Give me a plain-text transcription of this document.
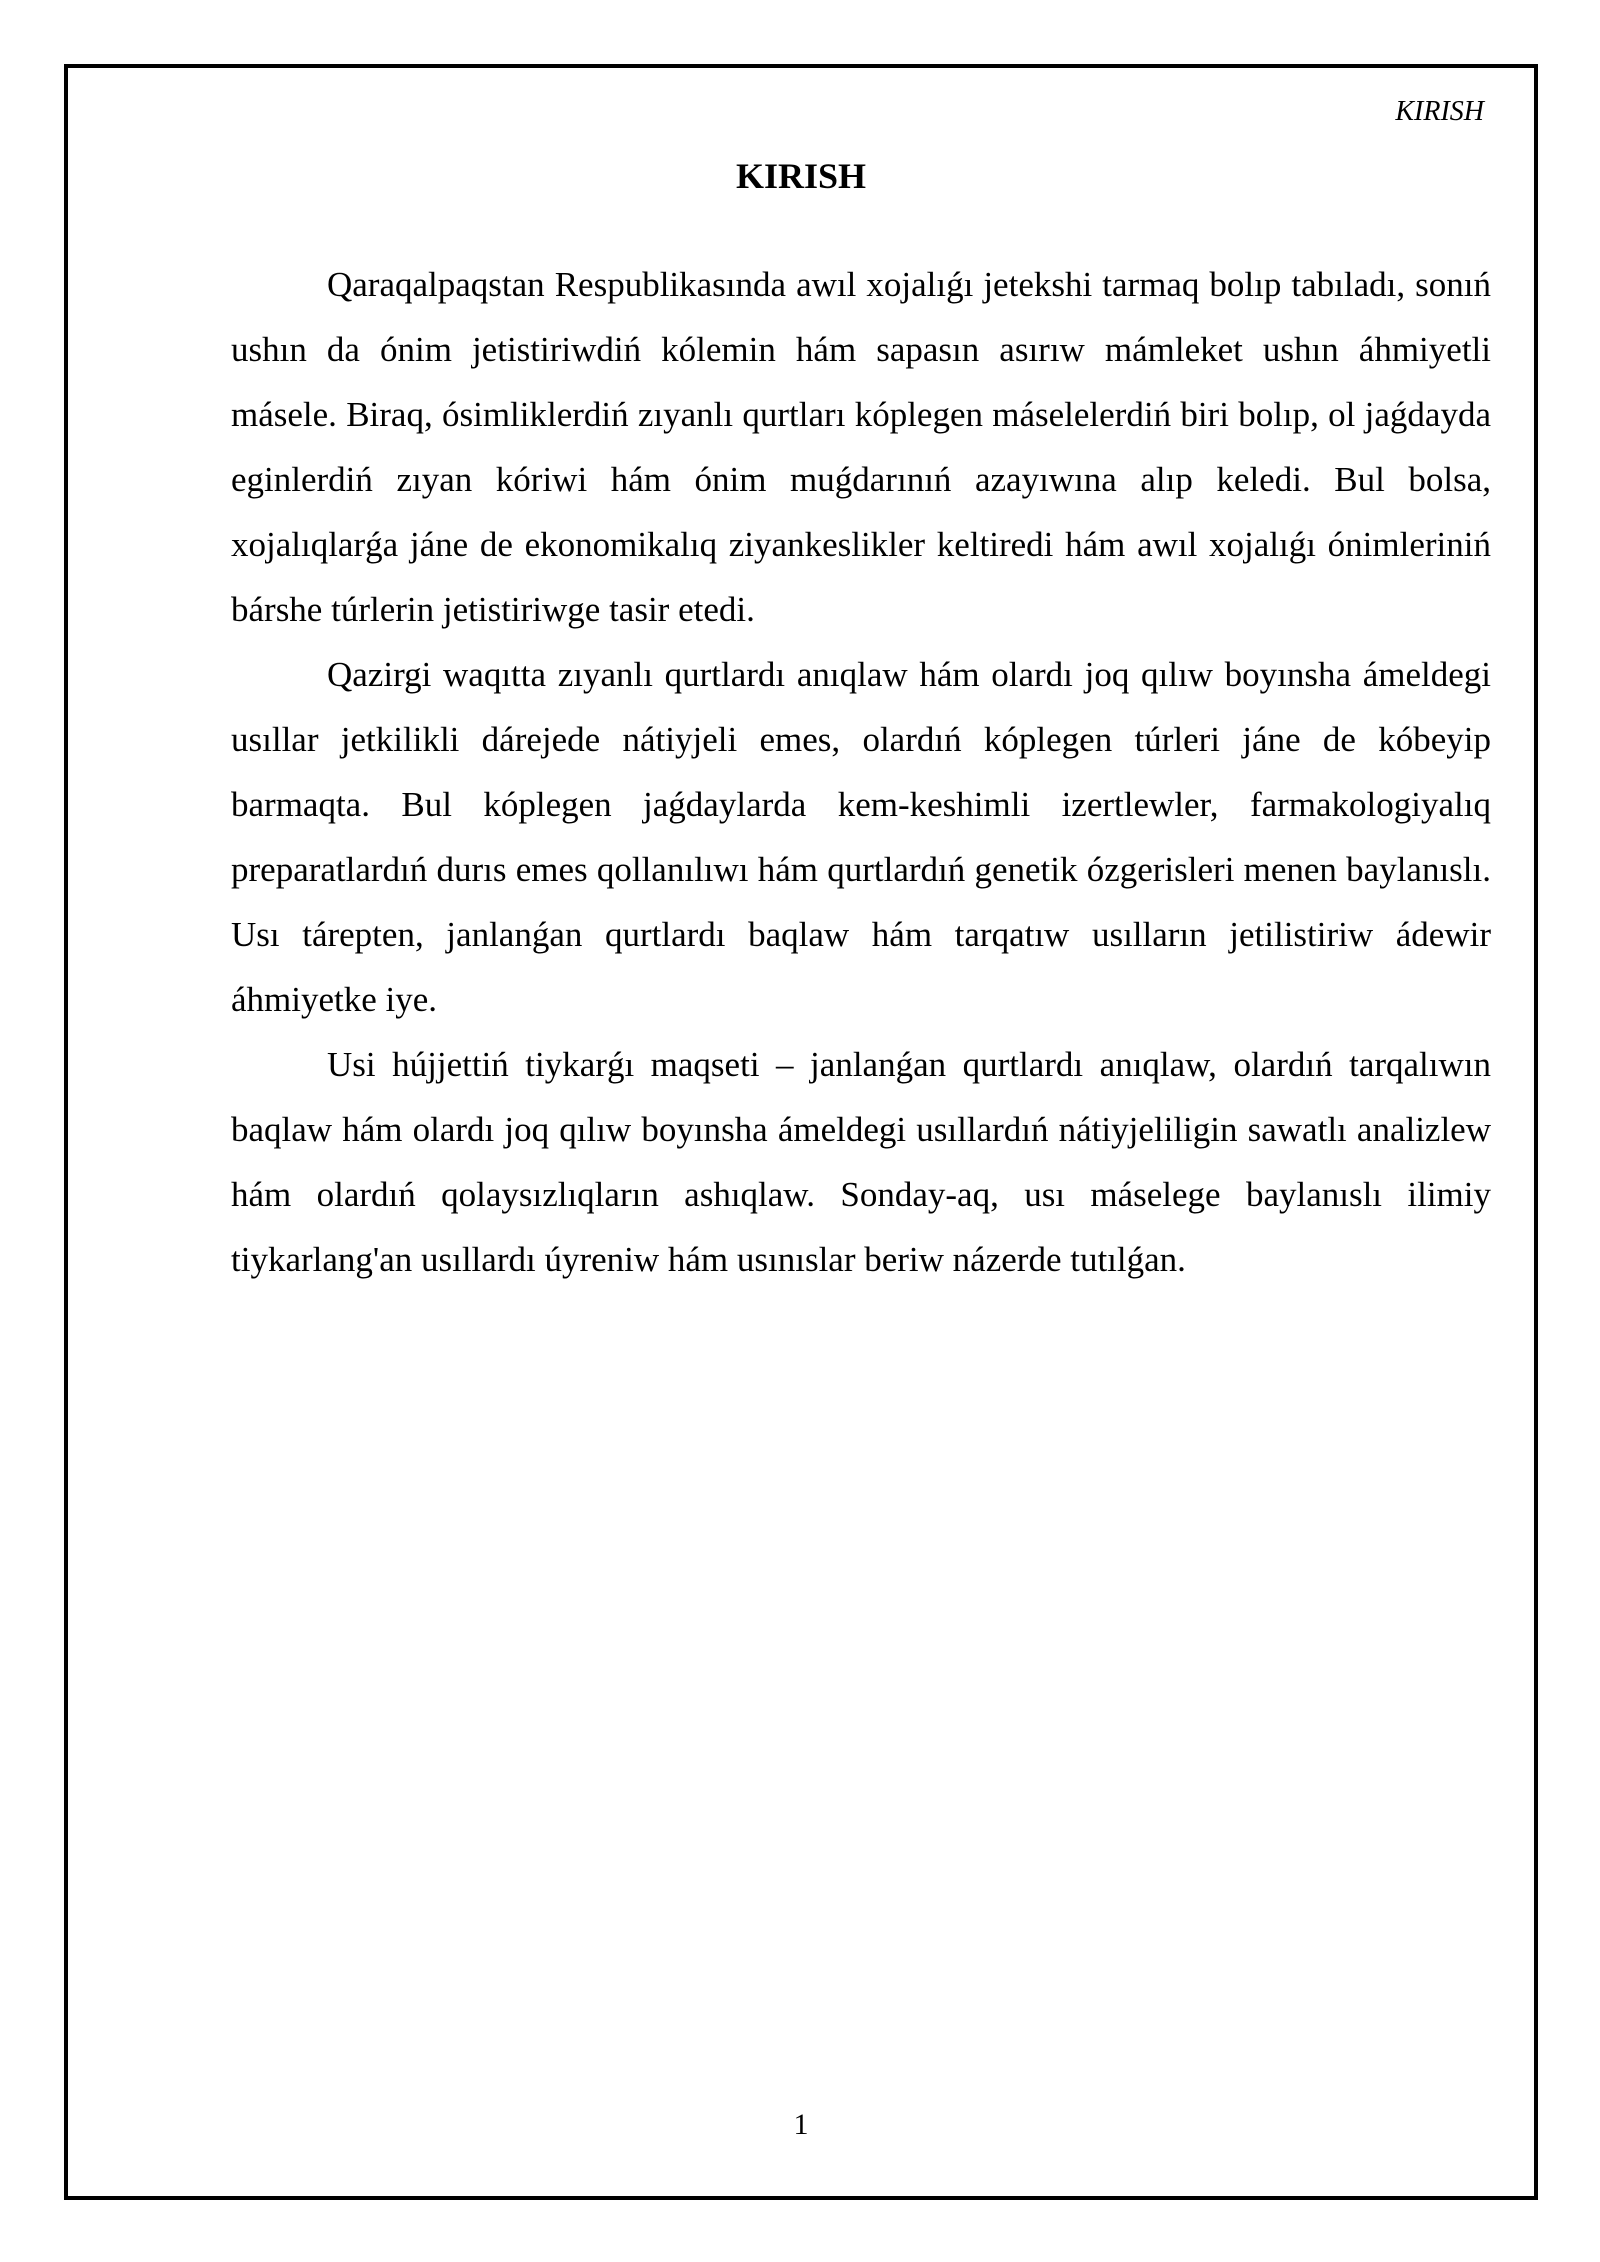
KIRISH
KIRISH

Qaraqalpaqstan Respublikasında awıl xojalıǵı jetekshi tarmaq bolıp tabıladı, sonıń ushın da ónim jetistiriwdiń kólemin hám sapasın asırıw mámleket ushın áhmiyetli másele. Biraq, ósimliklerdiń zıyanlı qurtları kóplegen máselelerdiń biri bolıp, ol jaǵdayda eginlerdiń zıyan kóriwi hám ónim muǵdarınıń azayıwına alıp keledi. Bul bolsa, xojalıqlarǵa jáne de ekonomikalıq ziyankeslikler keltiredi hám awıl xojalıǵı ónimleriniń bárshe túrlerin jetistiriwge tasir etedi.

Qazirgi waqıtta zıyanlı qurtlardı anıqlaw hám olardı joq qılıw boyınsha ámeldegi usıllar jetkilikli dárejede nátiyjeli emes, olardıń kóplegen túrleri jáne de kóbeyip barmaqta. Bul kóplegen jaǵdaylarda kem-keshimli izertlewler, farmakologiyalıq preparatlardıń durıs emes qollanılıwı hám qurtlardıń genetik ózgerisleri menen baylanıslı. Usı tárepten, janlanǵan qurtlardı baqlaw hám tarqatıw usılların jetilistiriw ádewir áhmiyetke iye.

Usi hújjettiń tiykarǵı maqseti – janlanǵan qurtlardı anıqlaw, olardıń tarqalıwın baqlaw hám olardı joq qılıw boyınsha ámeldegi usıllardıń nátiyjeliligin sawatlı analizlew hám olardıń qolaysızlıqların ashıqlaw. Sonday-aq, usı máselege baylanıslı ilimiy tiykarlang'an usıllardı úyreniw hám usınıslar beriw názerde tutılǵan.

1
